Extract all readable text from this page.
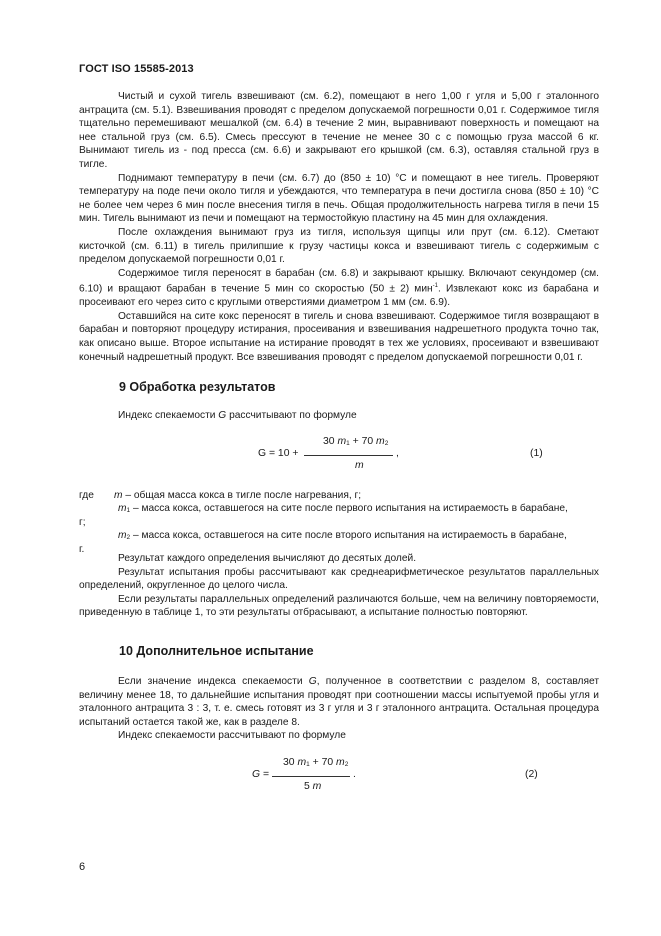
ГОСТ ISO 15585-2013

Чистый и сухой тигель взвешивают (см. 6.2), помещают в него 1,00 г угля и 5,00 г эталонного антрацита (см. 5.1). Взвешивания проводят с пределом допускаемой погрешности 0,01 г. Содержимое тигля тщательно перемешивают мешалкой (см. 6.4) в течение 2 мин, выравнивают поверхность и помещают на нее стальной груз (см. 6.5). Смесь прессуют в течение не менее 30 с с помощью груза массой 6 кг. Вынимают тигель из - под пресса (см. 6.6) и закрывают его крышкой (см. 6.3), оставляя стальной груз в тигле.

Поднимают температуру в печи (см. 6.7) до (850 ± 10) °С и помещают в нее тигель. Проверяют температуру на поде печи около тигля и убеждаются, что температура в печи достигла снова (850 ± 10) °С не более чем через 6 мин после внесения тигля в печь. Общая продолжительность нагрева тигля в печи 15 мин. Тигель вынимают из печи и помещают на термостойкую пластину на 45 мин для охлаждения.

После охлаждения вынимают груз из тигля, используя щипцы или прут (см. 6.12). Сметают кисточкой (см. 6.11) в тигель прилипшие к грузу частицы кокса и взвешивают тигель с содержимым с пределом допускаемой погрешности 0,01 г.

Содержимое тигля переносят в барабан (см. 6.8) и закрывают крышку. Включают секундомер (см. 6.10) и вращают барабан в течение 5 мин со скоростью (50 ± 2) мин$^{-1}$. Извлекают кокс из барабана и просеивают его через сито с круглыми отверстиями диаметром 1 мм (см. 6.9).

Оставшийся на сите кокс переносят в тигель и снова взвешивают. Содержимое тигля возвращают в барабан и повторяют процедуру истирания, просеивания и взвешивания надрешетного продукта точно так, как описано выше. Второе испытание на истирание проводят в тех же условиях, просеивают и взвешивают конечный надрешетный продукт. Все взвешивания проводят с пределом допускаемой погрешности 0,01 г.

9 Обработка результатов

Индекс спекаемости G рассчитывают по формуле

30 $m_1 + 70$ $m_2$
G = 10 +	,
m
(1)
где m – общая масса кокса в тигле после нагревания, г;
$m_1$ – масса кокса, оставшегося на сите после первого испытания на истираемость в барабане,
г;
$m_2$ – масса кокса, оставшегося на сите после второго испытания на истираемость в барабане,
г.

Результат каждого определения вычисляют до десятых долей.

Результат испытания пробы рассчитывают как среднеарифметическое результатов параллельных определений, округленное до целого числа.

Если результаты параллельных определений различаются больше, чем на величину повторяемости, приведенную в таблице 1, то эти результаты отбрасывают, а испытание полностью повторяют.

10 Дополнительное испытание

Если значение индекса спекаемости G, полученное в соответствии с разделом 8, составляет величину менее 18, то дальнейшие испытания проводят при соотношении массы испытуемой пробы угля и эталонного антрацита 3 : 3, т. е. смесь готовят из 3 г угля и 3 г эталонного антрацита. Остальная процедура испытаний остается такой же, как в разделе 8.

Индекс спекаемости рассчитывают по формуле

30 $m_1 + 70$ $m_2$
G =	.
5 m
(2)
6
